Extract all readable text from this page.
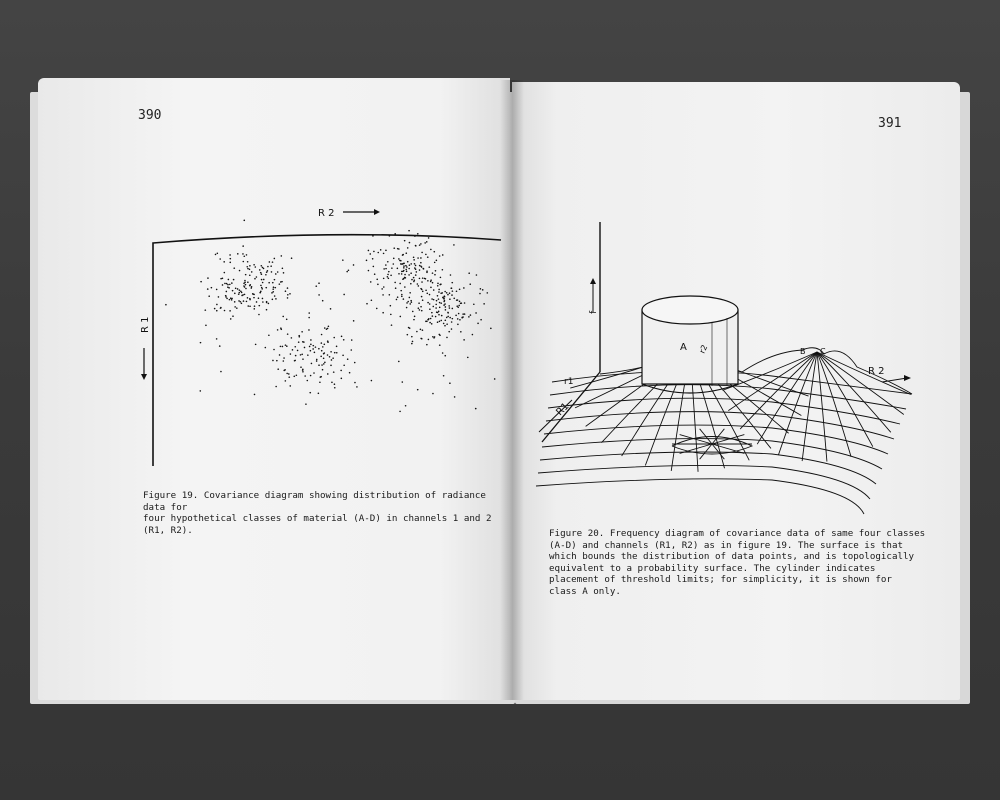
390
R 2
R 1
Figure 19. Covariance diagram showing distribution of radiance data for
four hypothetical classes of material (A-D) in channels 1 and 2
(R1, R2).
391
f
R1
r1
R 2
A r2	B C
Figure 20. Frequency diagram of covariance data of same four classes
(A-D) and channels (R1, R2) as in figure 19. The surface is that
which bounds the distribution of data points, and is topologically
equivalent to a probability surface. The cylinder indicates
placement of threshold limits; for simplicity, it is shown for
class A only.
